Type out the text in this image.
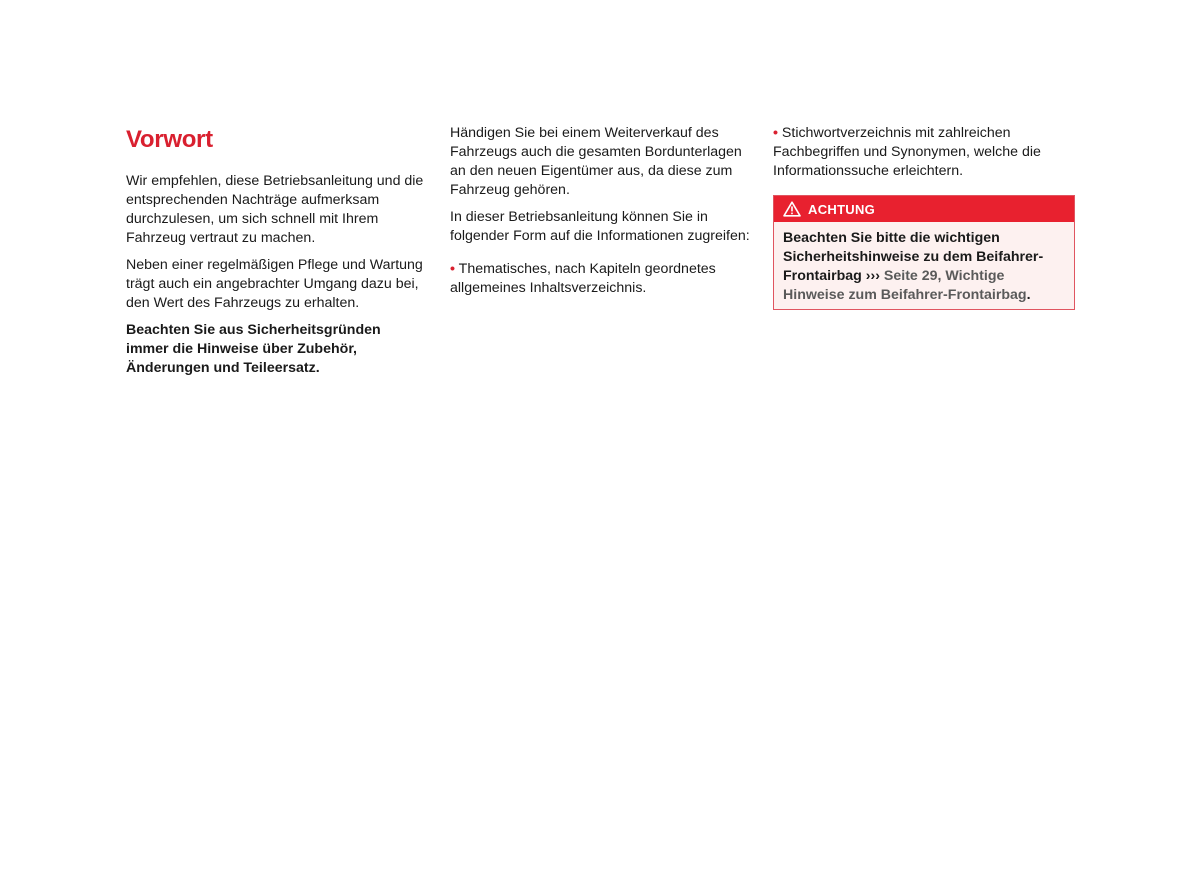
Vorwort

Wir empfehlen, diese Betriebsanleitung und die entsprechenden Nachträge aufmerksam durchzulesen, um sich schnell mit Ihrem Fahrzeug vertraut zu machen.

Neben einer regelmäßigen Pflege und Wartung trägt auch ein angebrachter Umgang dazu bei, den Wert des Fahrzeugs zu erhalten.

Beachten Sie aus Sicherheitsgründen immer die Hinweise über Zubehör, Änderungen und Teileersatz.

Händigen Sie bei einem Weiterverkauf des Fahrzeugs auch die gesamten Bordunterlagen an den neuen Eigentümer aus, da diese zum Fahrzeug gehören.

In dieser Betriebsanleitung können Sie in folgender Form auf die Informationen zugreifen:

• Thematisches, nach Kapiteln geordnetes allgemeines Inhaltsverzeichnis.

• Stichwortverzeichnis mit zahlreichen Fachbegriffen und Synonymen, welche die Informationssuche erleichtern.

ACHTUNG
Beachten Sie bitte die wichtigen Sicherheitshinweise zu dem Beifahrer-Frontairbag ››› Seite 29, Wichtige Hinweise zum Beifahrer-Frontairbag.
